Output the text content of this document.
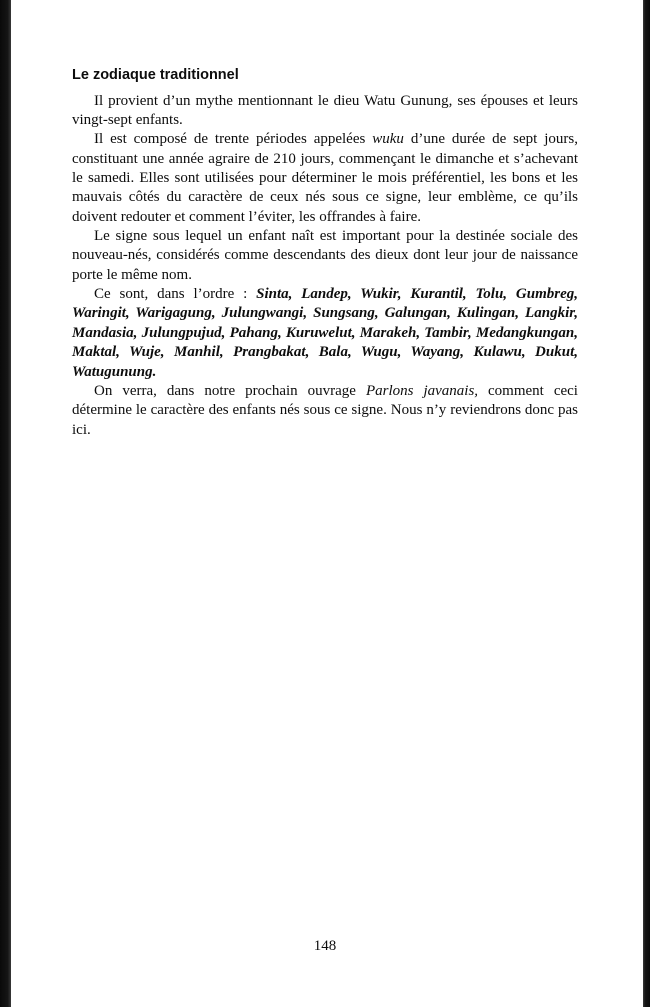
Le zodiaque traditionnel

Il provient d’un mythe mentionnant le dieu Watu Gunung, ses épouses et leurs vingt-sept enfants.

Il est composé de trente périodes appelées wuku d’une durée de sept jours, constituant une année agraire de 210 jours, commençant le dimanche et s’achevant le samedi. Elles sont utilisées pour déterminer le mois préférentiel, les bons et les mauvais côtés du caractère de ceux nés sous ce signe, leur emblème, ce qu’ils doivent redouter et comment l’éviter, les offrandes à faire.

Le signe sous lequel un enfant naît est important pour la destinée sociale des nouveau-nés, considérés comme descendants des dieux dont leur jour de naissance porte le même nom.

Ce sont, dans l’ordre : Sinta, Landep, Wukir, Kurantil, Tolu, Gumbreg, Waringit, Warigagung, Julungwangi, Sungsang, Galungan, Kulingan, Langkir, Mandasia, Julungpujud, Pahang, Kuruwelut, Marakeh, Tambir, Medangkungan, Maktal, Wuje, Manhil, Prangbakat, Bala, Wugu, Wayang, Kulawu, Dukut, Watugunung.

On verra, dans notre prochain ouvrage Parlons javanais, comment ceci détermine le caractère des enfants nés sous ce signe. Nous n’y reviendrons donc pas ici.

148
